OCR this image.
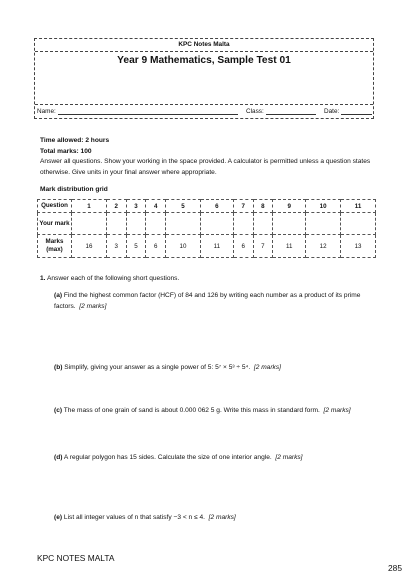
KPC Notes Malta
Year 9 Mathematics, Sample Test 01
Name:	Class:	Date:
Time allowed: 2 hours
Total marks: 100
Answer all questions. Show your working in the space provided. A calculator is permitted unless a question states otherwise. Give units in your final answer where appropriate.
Mark distribution grid
Question	1	2	3	4	5	6	7	8	9	10	11
Your mark											
Marks (max)	16	3	5	6	10	11	6	7	11	12	13
1. Answer each of the following short questions.
(a) Find the highest common factor (HCF) of 84 and 126 by writing each number as a product of its prime factors. [2 marks]
(b) Simplify, giving your answer as a single power of 5: 5⁷ × 5³ ÷ 5⁴. [2 marks]
(c) The mass of one grain of sand is about 0.000 062 5 g. Write this mass in standard form. [2 marks]
(d) A regular polygon has 15 sides. Calculate the size of one interior angle. [2 marks]
(e) List all integer values of n that satisfy −3 < n ≤ 4. [2 marks]
KPC NOTES MALTA
285
